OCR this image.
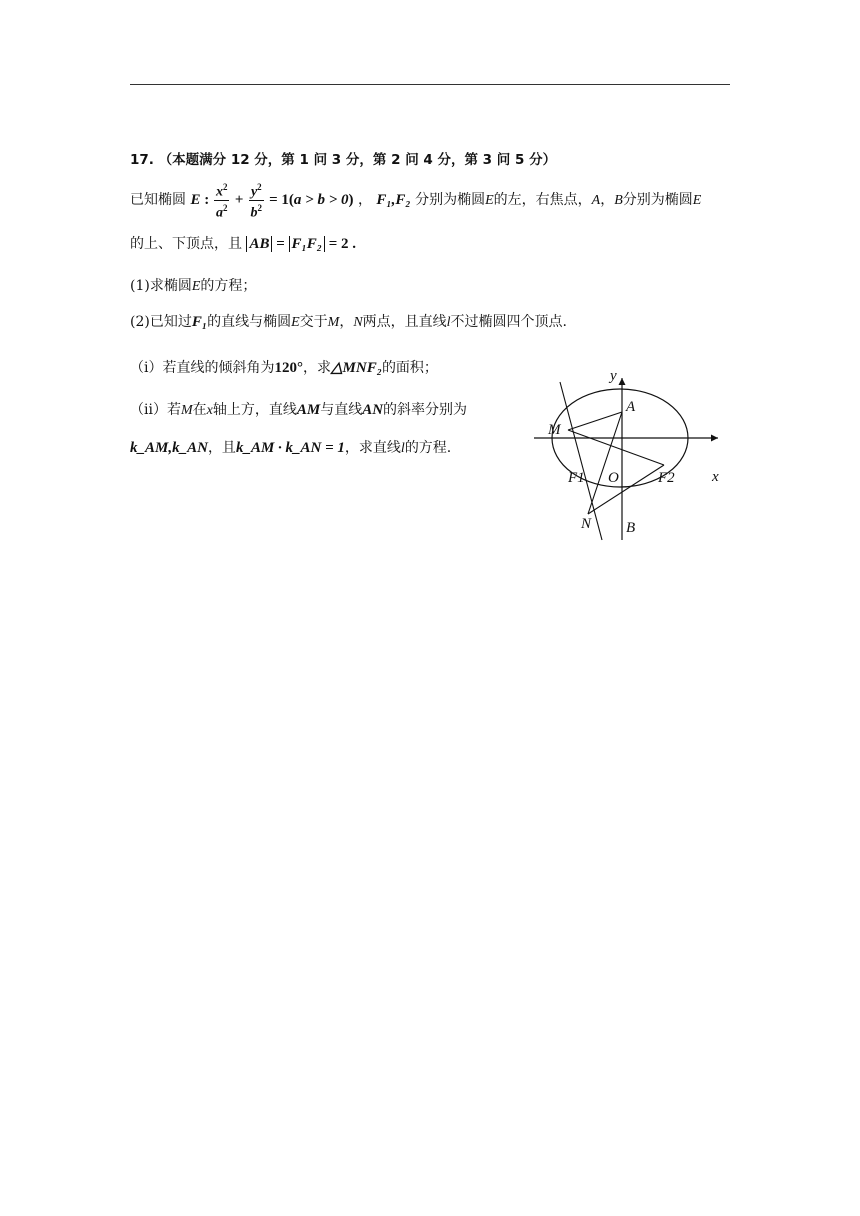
17. （本题满分 12 分，第 1 问 3 分，第 2 问 4 分，第 3 问 5 分）
已知椭圆 E : $\frac{x^2}{a^2} + \frac{y^2}{b^2} = 1(a > b > 0)$ ， F₁,F₂ 分别为椭圆E的左，右焦点，A，B分别为椭圆E
的上、下顶点，且 AB = F₁F₂ = 2 .
(1)求椭圆E的方程；
(2)已知过F₁的直线与椭圆E交于M，N两点，且直线l不过椭圆四个顶点.
（ⅰ）若直线的倾斜角为120°，求△MNF₂的面积；
（ⅱ）若M在x轴上方，直线AM与直线AN的斜率分别为
k_AM,k_AN，且k_AM · k_AN = 1，求直线l的方程.
y
x
A
B
M
N
O
F1	F2
